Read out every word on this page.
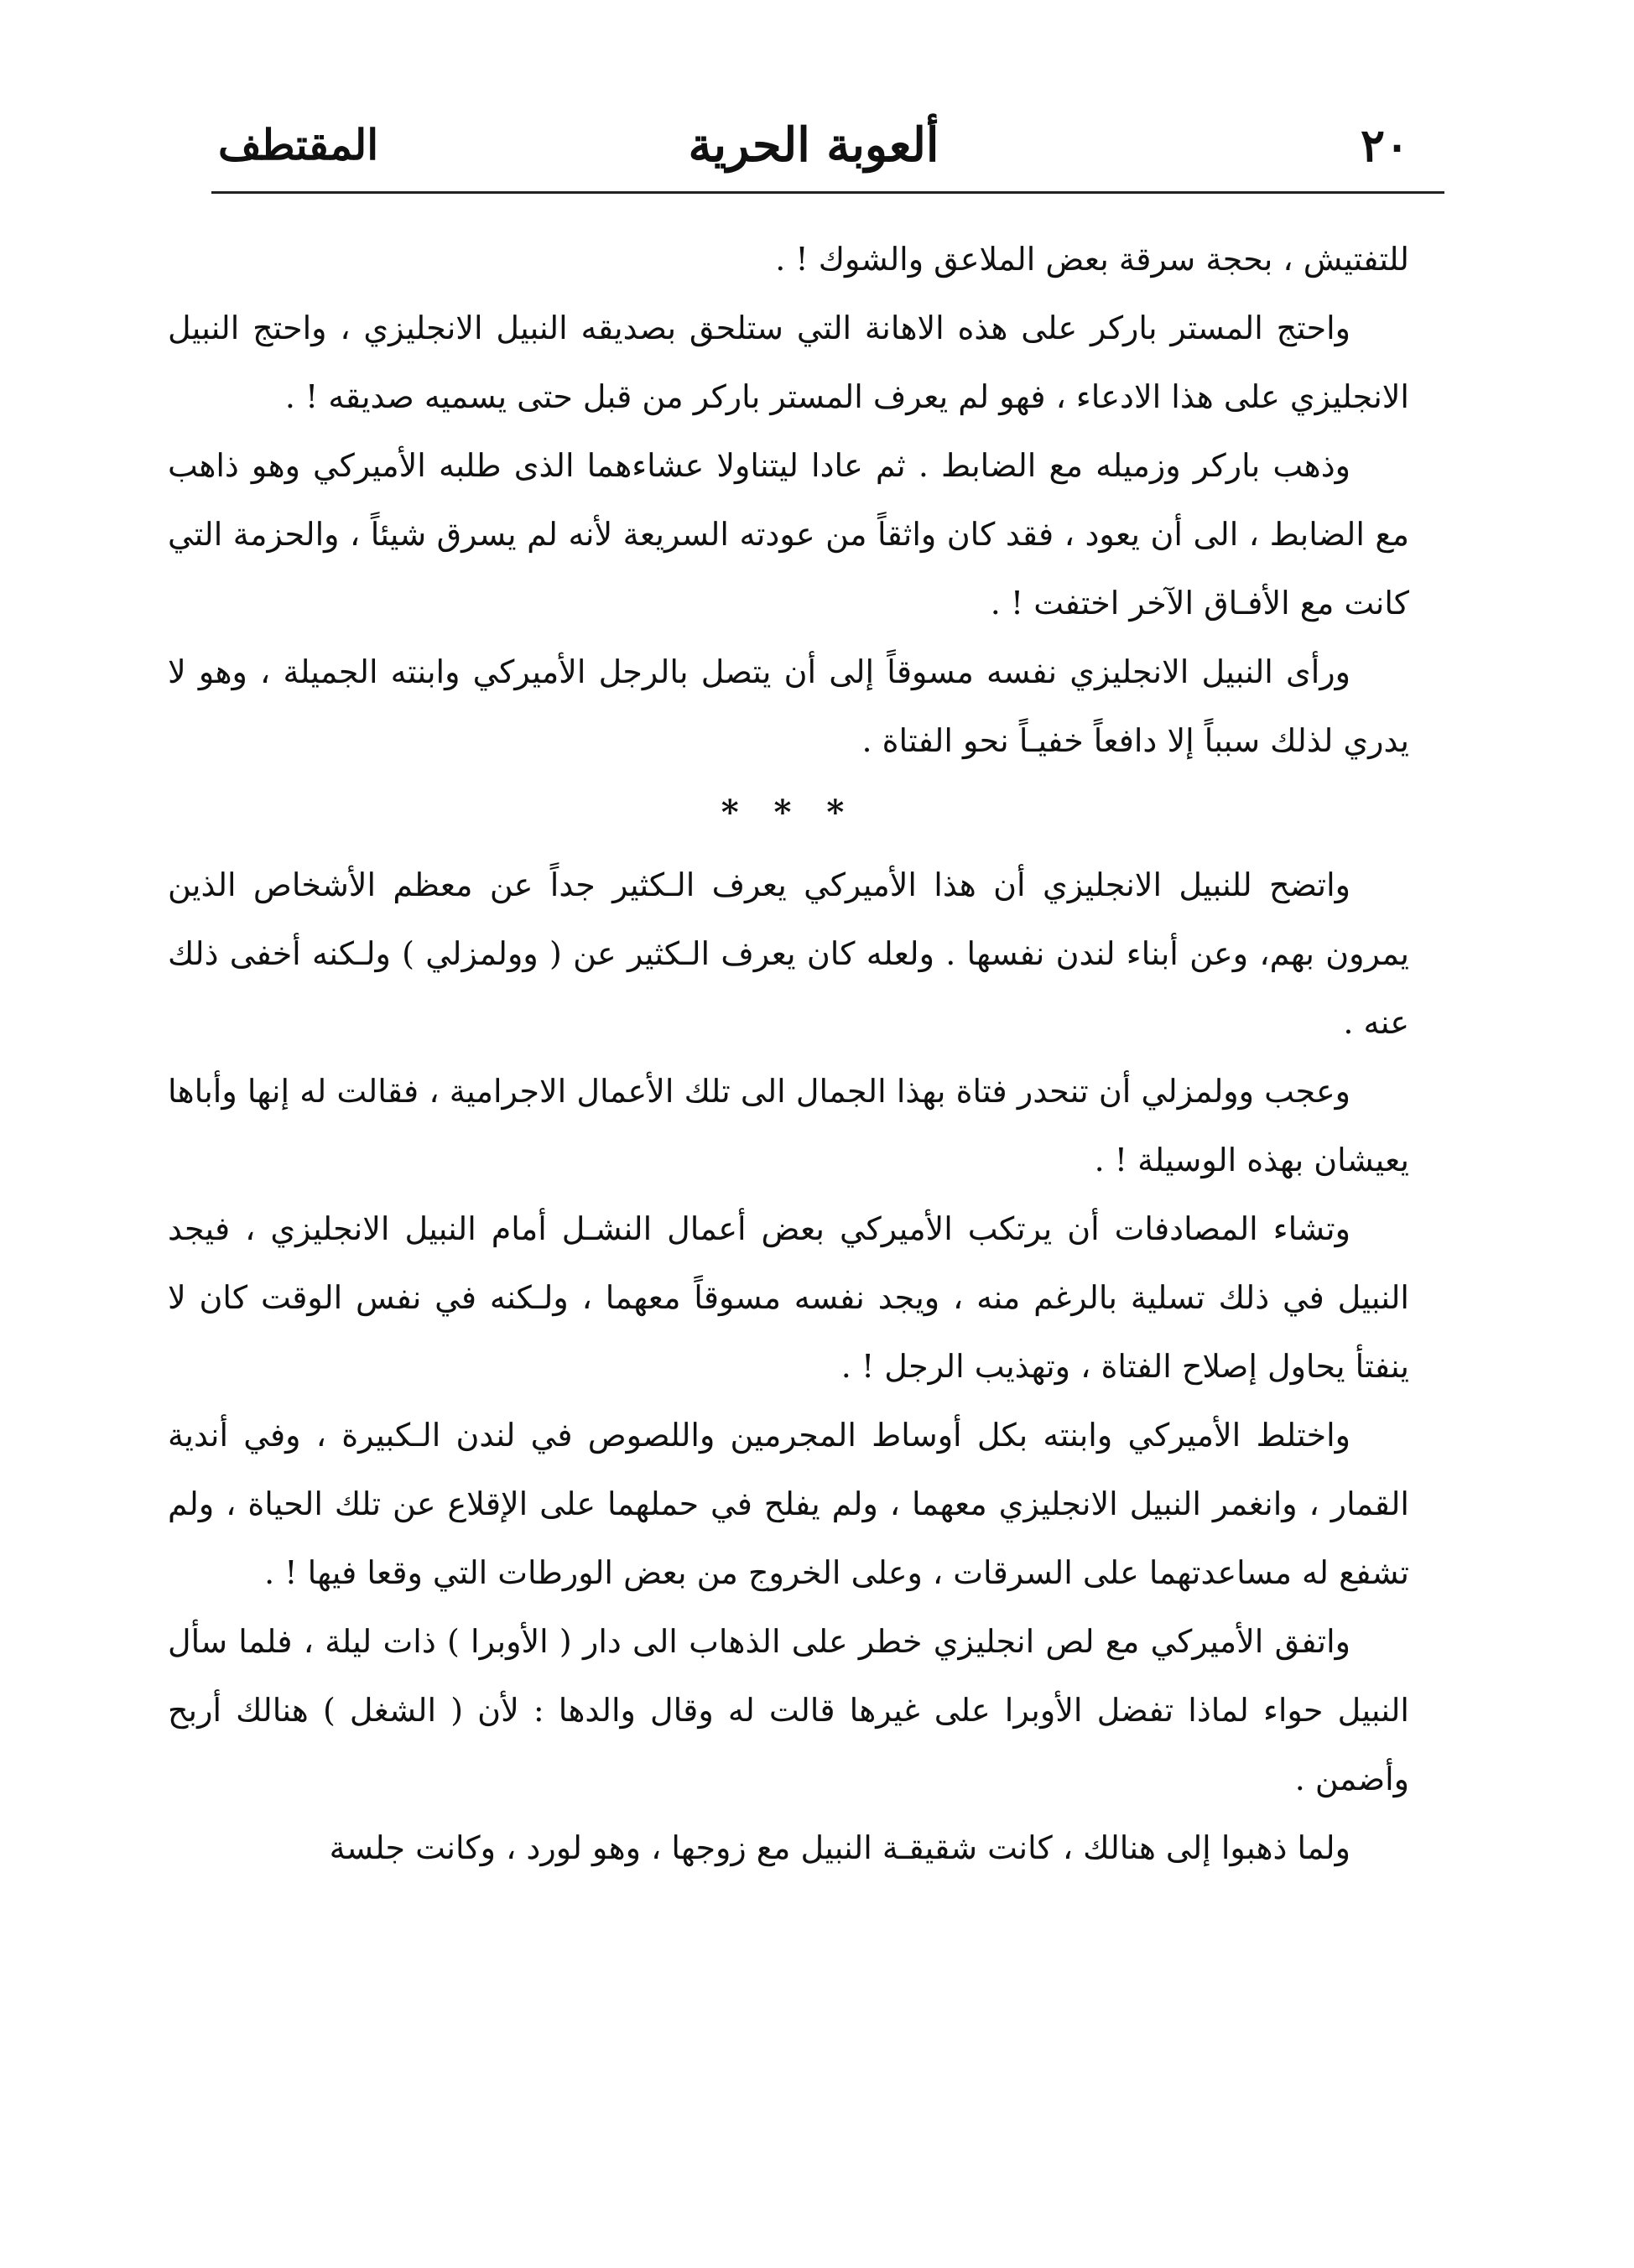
٢٠
ألعوبة الحرية
المقتطف

للتفتيش ، بحجة سرقة بعض الملاعق والشوك ! .

واحتج المستر باركر على هذه الاهانة التي ستلحق بصديقه النبيل الانجليزي ، واحتج النبيل الانجليزي على هذا الادعاء ، فهو لم يعرف المستر باركر من قبل حتى يسميه صديقه ! .

وذهب باركر وزميله مع الضابط . ثم عادا ليتناولا عشاءهما الذى طلبه الأميركي وهو ذاهب مع الضابط ، الى أن يعود ، فقد كان واثقاً من عودته السريعة لأنه لم يسرق شيئاً ، والحزمة التي كانت مع الأفـاق الآخر اختفت ! .

ورأى النبيل الانجليزي نفسه مسوقاً إلى أن يتصل بالرجل الأميركي وابنته الجميلة ، وهو لا يدري لذلك سبباً إلا دافعاً خفيـاً نحو الفتاة .

* * *

واتضح للنبيل الانجليزي أن هذا الأميركي يعرف الـكثير جداً عن معظم الأشخاص الذين يمرون بهم، وعن أبناء لندن نفسها . ولعله كان يعرف الـكثير عن ( وولمزلي ) ولـكنه أخفى ذلك عنه .

وعجب وولمزلي أن تنحدر فتاة بهذا الجمال الى تلك الأعمال الاجرامية ، فقالت له إنها وأباها يعيشان بهذه الوسيلة ! .

وتشاء المصادفات أن يرتكب الأميركي بعض أعمال النشـل أمام النبيل الانجليزي ، فيجد النبيل في ذلك تسلية بالرغم منه ، ويجد نفسه مسوقاً معهما ، ولـكنه في نفس الوقت كان لا ينفتأ يحاول إصلاح الفتاة ، وتهذيب الرجل ! .

واختلط الأميركي وابنته بكل أوساط المجرمين واللصوص في لندن الـكبيرة ، وفي أندية القمار ، وانغمر النبيل الانجليزي معهما ، ولم يفلح في حملهما على الإقلاع عن تلك الحياة ، ولم تشفع له مساعدتهما على السرقات ، وعلى الخروج من بعض الورطات التي وقعا فيها ! .

واتفق الأميركي مع لص انجليزي خطر على الذهاب الى دار ( الأوبرا ) ذات ليلة ، فلما سأل النبيل حواء لماذا تفضل الأوبرا على غيرها قالت له وقال والدها : لأن ( الشغل ) هنالك أربح وأضمن .

ولما ذهبوا إلى هنالك ، كانت شقيقـة النبيل مع زوجها ، وهو لورد ، وكانت جلسة
